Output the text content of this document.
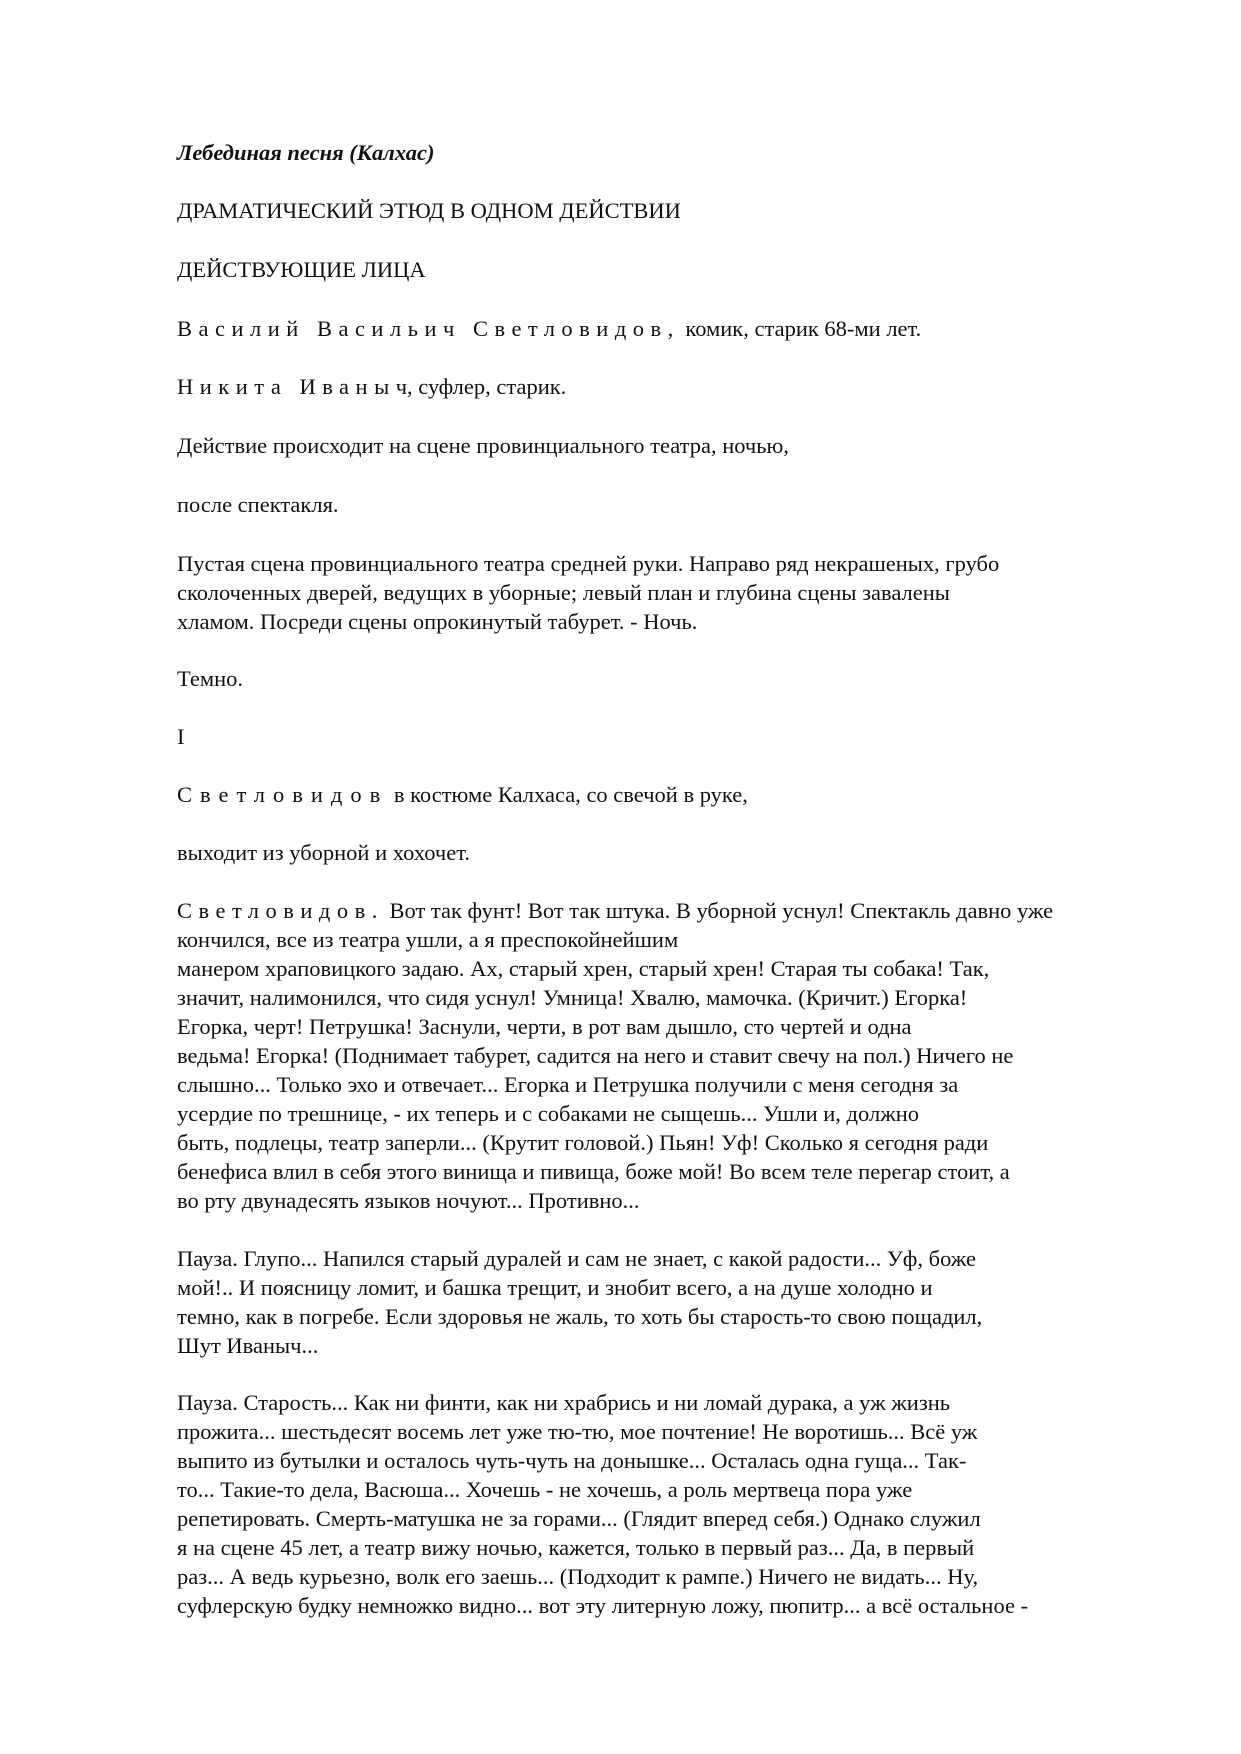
Лебединая песня (Калхас)
ДРАМАТИЧЕСКИЙ ЭТЮД В ОДНОМ ДЕЙСТВИИ
ДЕЙСТВУЮЩИЕ ЛИЦА
Василий Васильич Светловидов, комик, старик 68-ми лет.
Никита Иваныч, суфлер, старик.
Действие происходит на сцене провинциального театра, ночью,
после спектакля.
Пустая сцена провинциального театра средней руки. Направо ряд некрашеных, грубо
сколоченных дверей, ведущих в уборные; левый план и глубина сцены завалены
хламом. Посреди сцены опрокинутый табурет. - Ночь.
Темно.
I
Светловидов в костюме Калхаса, со свечой в руке,
выходит из уборной и хохочет.
Светловидов. Вот так фунт! Вот так штука. В уборной уснул! Спектакль давно уже
кончился, все из театра ушли, а я преспокойнейшим
манером храповицкого задаю. Ах, старый хрен, старый хрен! Старая ты собака! Так,
значит, налимонился, что сидя уснул! Умница! Хвалю, мамочка. (Кричит.) Егорка!
Егорка, черт! Петрушка! Заснули, черти, в рот вам дышло, сто чертей и одна
ведьма! Егорка! (Поднимает табурет, садится на него и ставит свечу на пол.) Ничего не
слышно... Только эхо и отвечает... Егорка и Петрушка получили с меня сегодня за
усердие по трешнице, - их теперь и с собаками не сыщешь... Ушли и, должно
быть, подлецы, театр заперли... (Крутит головой.) Пьян! Уф! Сколько я сегодня ради
бенефиса влил в себя этого винища и пивища, боже мой! Во всем теле перегар стоит, а
во рту двунадесять языков ночуют... Противно...
Пауза. Глупо... Напился старый дуралей и сам не знает, с какой радости... Уф, боже
мой!.. И поясницу ломит, и башка трещит, и знобит всего, а на душе холодно и
темно, как в погребе. Если здоровья не жаль, то хоть бы старость-то свою пощадил,
Шут Иваныч...
Пауза. Старость... Как ни финти, как ни храбрись и ни ломай дурака, а уж жизнь
прожита... шестьдесят восемь лет уже тю-тю, мое почтение! Не воротишь... Всё уж
выпито из бутылки и осталось чуть-чуть на донышке... Осталась одна гуща... Так-
то... Такие-то дела, Васюша... Хочешь - не хочешь, а роль мертвеца пора уже
репетировать. Смерть-матушка не за горами... (Глядит вперед себя.) Однако служил
я на сцене 45 лет, а театр вижу ночью, кажется, только в первый раз... Да, в первый
раз... А ведь курьезно, волк его заешь... (Подходит к рампе.) Ничего не видать... Ну,
суфлерскую будку немножко видно... вот эту литерную ложу, пюпитр... а всё остальное -
